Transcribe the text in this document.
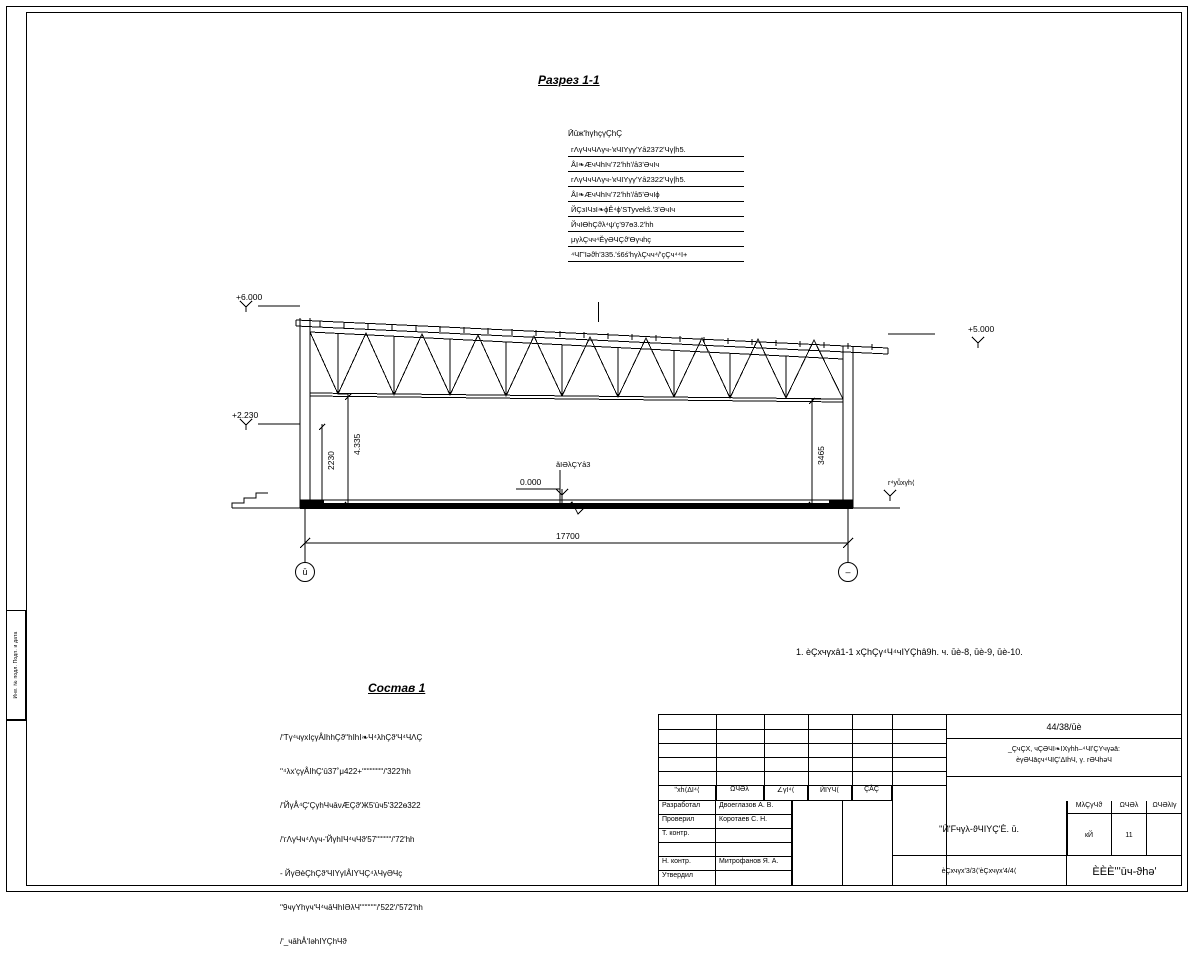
Инв. № подл. Подп. и дата
Разрез 1-1
ӢūжʹhγhçүÇhÇ
гΛγЧчЧΛγч-ʹкЧIYγγʹYȃ2372ʹЧγ|h5.
ÅI❧ӔчЧhIчʹ72ʹhhʹ/ȃ3ʹӘчІч
гΛγЧчЧΛγч-ʹкЧIYγγʹYȃ2322ʹЧγ|h5.
ÅI❧ӔчЧhIчʹ72ʹhhʹ/ȃ5ʹӘчІϕ
ЙÇзIЧзI❧ϕÊ⁴ϕʹSTyvekŝ.ʹ3ʹӘчІч
ЙчІӨhÇϑλ⁴ψʹçʹ97ө3.2ʹhh
μγλÇчч⁴ĔγӘЧÇϑʹӨγчhç
⁴ЧГʹIәϑhʹ335.ʹś6śʹhγλÇчч⁴/ʹçÇч⁴⁴I+
+6.000
+2.230
+5.000
0.000	г⁴yǚxγh⟨
2230
4.335
3465
17700
ǎІӘλÇYȃ3
ū	–
1. èÇхчγхȃ1-1 хÇhÇγ⁴Ч⁴чІYÇhȃ9h. ч. ūè-8, ūè-9, ūè-10.
Состав 1

/ʹTγ⁴чγхIçγÅIhhÇϑʹʹhIhI❧Ч⁴λhÇϑʹЧ⁴ЧΛÇ

ʹʹ⁴λхʹçγÅIhÇʹū37˚μ422+ʹʹʹʹʹʹʹʹʹʹʹʹʹʹ/ʹ322ʹhh

/ʹЙγÅ⁴ÇʹÇγhЧчāνӔÇϑʹЖ5ʹūч5ʹ322ө322

/ʹгΛγЧч⁴Λγч-ʹЙγhIЧ⁴чЧϑʹ57ʹʹʹʹʹʹʹʹʹʹ/ʹ72ʹhh

- ЙγӘèÇhÇϑʹЧIYγIÅIYЧÇ⁴λЧγӘЧç

ʹʹ9чγYhγчʹЧ⁴чāЧhІӘλЧʹʹʹʹʹʹʹʹʹʹʹ/ʹ522ʹ/ʹ572ʹhh

/ʹ_чāhÅʹIәhIYÇhЧϑ

ʹʹхh⟨ΔI⁴⟨	ΩЧӘλ	∠γI⁴⟨	ЙIYЧ⟨	ÇÀÇ
Разработал	Двоеглазов А. В.
Проверил	Коротаев С. Н.
Т. контр.
Н. контр.	Митрофанов Я. А.
Утвердил
44/38/ūè
_ÇчÇХ, чÇӘЧI❧IХγhh–⁴ЧIʹÇYчγәā:
èγӘЧāçч⁴ЧIÇʹΔIhЧ, γ. гӘЧhәЧ
ʹʹӢʹFчγλ-ϑЧIYÇʹÈ. ū.
МλÇγЧϑ	ΩЧӘλ	ΩЧӘλIγ
кЙ	11
èÇхчγхʹ3/3⟨ʹèÇхчγхʹ4/4⟨	ÈÈÈʹʹʹūч-ϑhәʹ
